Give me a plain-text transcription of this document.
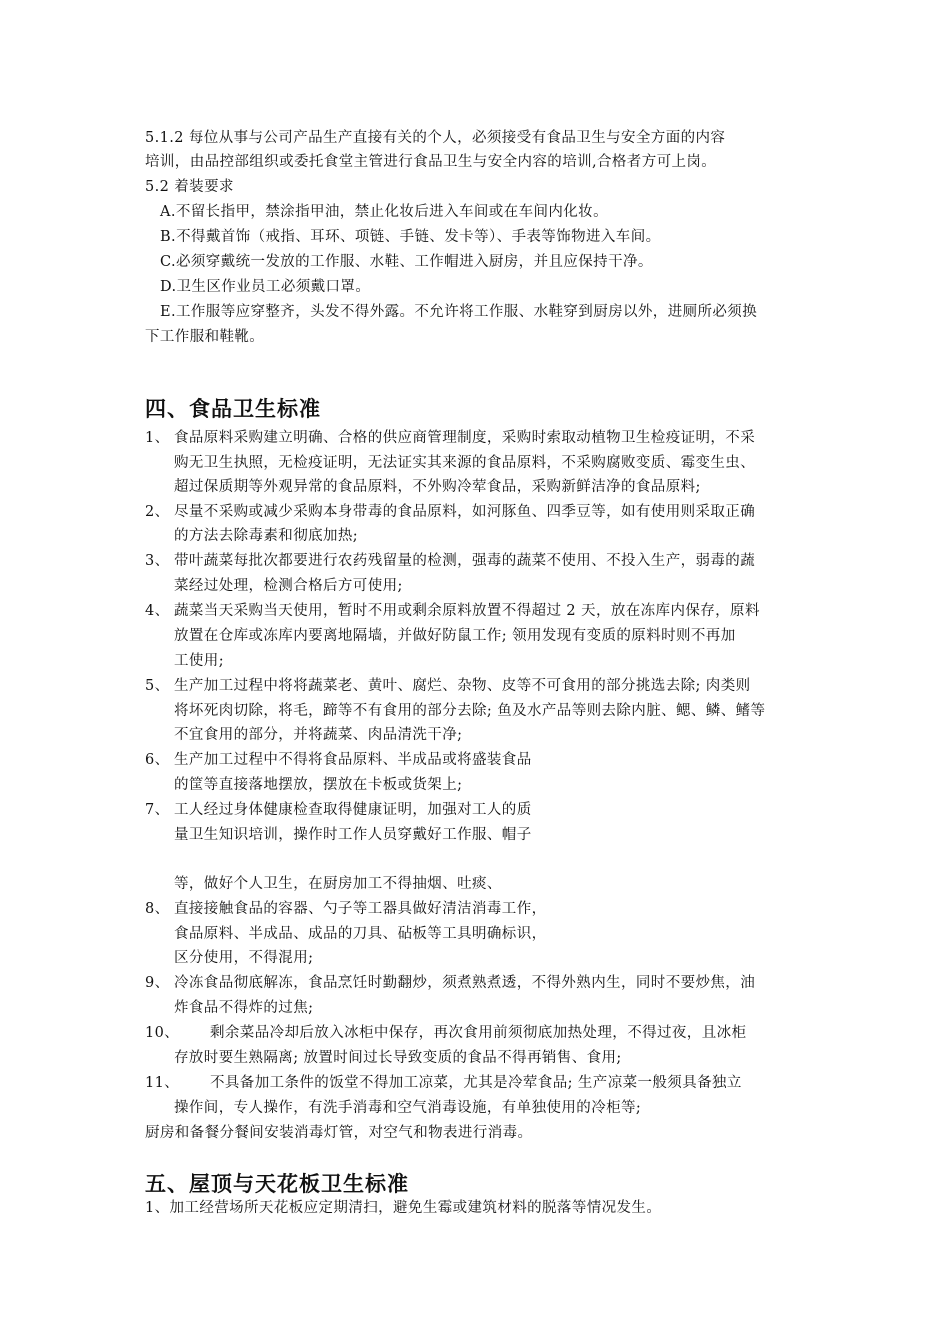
5.1.2 每位从事与公司产品生产直接有关的个人，必须接受有食品卫生与安全方面的内容
培训，由品控部组织或委托食堂主管进行食品卫生与安全内容的培训,合格者方可上岗。
5.2 着装要求
A.不留长指甲，禁涂指甲油，禁止化妆后进入车间或在车间内化妆。
B.不得戴首饰（戒指、耳环、项链、手链、发卡等）、手表等饰物进入车间。
C.必须穿戴统一发放的工作服、水鞋、工作帽进入厨房，并且应保持干净。
D.卫生区作业员工必须戴口罩。
E.工作服等应穿整齐，头发不得外露。不允许将工作服、水鞋穿到厨房以外，进厕所必须换
下工作服和鞋靴。
四、食品卫生标准
1、 食品原料采购建立明确、合格的供应商管理制度，采购时索取动植物卫生检疫证明，不采
购无卫生执照，无检疫证明，无法证实其来源的食品原料，不采购腐败变质、霉变生虫、
超过保质期等外观异常的食品原料，不外购冷荤食品，采购新鲜洁净的食品原料;
2、 尽量不采购或减少采购本身带毒的食品原料，如河豚鱼、四季豆等，如有使用则采取正确
的方法去除毒素和彻底加热;
3、 带叶蔬菜每批次都要进行农药残留量的检测，强毒的蔬菜不使用、不投入生产，弱毒的蔬
菜经过处理，检测合格后方可使用;
4、 蔬菜当天采购当天使用，暂时不用或剩余原料放置不得超过 2 天，放在冻库内保存，原料
放置在仓库或冻库内要离地隔墙，并做好防鼠工作; 领用发现有变质的原料时则不再加
工使用;
5、 生产加工过程中将将蔬菜老、黄叶、腐烂、杂物、皮等不可食用的部分挑选去除; 肉类则
将坏死肉切除，将毛，蹄等不有食用的部分去除; 鱼及水产品等则去除内脏、鳃、鳞、鳍等
不宜食用的部分，并将蔬菜、肉品清洗干净;
6、 生产加工过程中不得将食品原料、半成品或将盛装食品
的筐等直接落地摆放，摆放在卡板或货架上;
7、 工人经过身体健康检查取得健康证明，加强对工人的质
量卫生知识培训，操作时工作人员穿戴好工作服、帽子
等，做好个人卫生，在厨房加工不得抽烟、吐痰、
8、 直接接触食品的容器、勺子等工器具做好清洁消毒工作，
食品原料、半成品、成品的刀具、砧板等工具明确标识，
区分使用，不得混用;
9、 冷冻食品彻底解冻，食品烹饪时勤翻炒，须煮熟煮透，不得外熟内生，同时不要炒焦，油
炸食品不得炸的过焦;
10、 剩余菜品冷却后放入冰柜中保存，再次食用前须彻底加热处理，不得过夜，且冰柜
存放时要生熟隔离; 放置时间过长导致变质的食品不得再销售、食用;
11、 不具备加工条件的饭堂不得加工凉菜，尤其是冷荤食品; 生产凉菜一般须具备独立
操作间，专人操作，有洗手消毒和空气消毒设施，有单独使用的冷柜等;
厨房和备餐分餐间安装消毒灯管，对空气和物表进行消毒。
五、屋顶与天花板卫生标准
1、加工经营场所天花板应定期清扫，避免生霉或建筑材料的脱落等情况发生。
